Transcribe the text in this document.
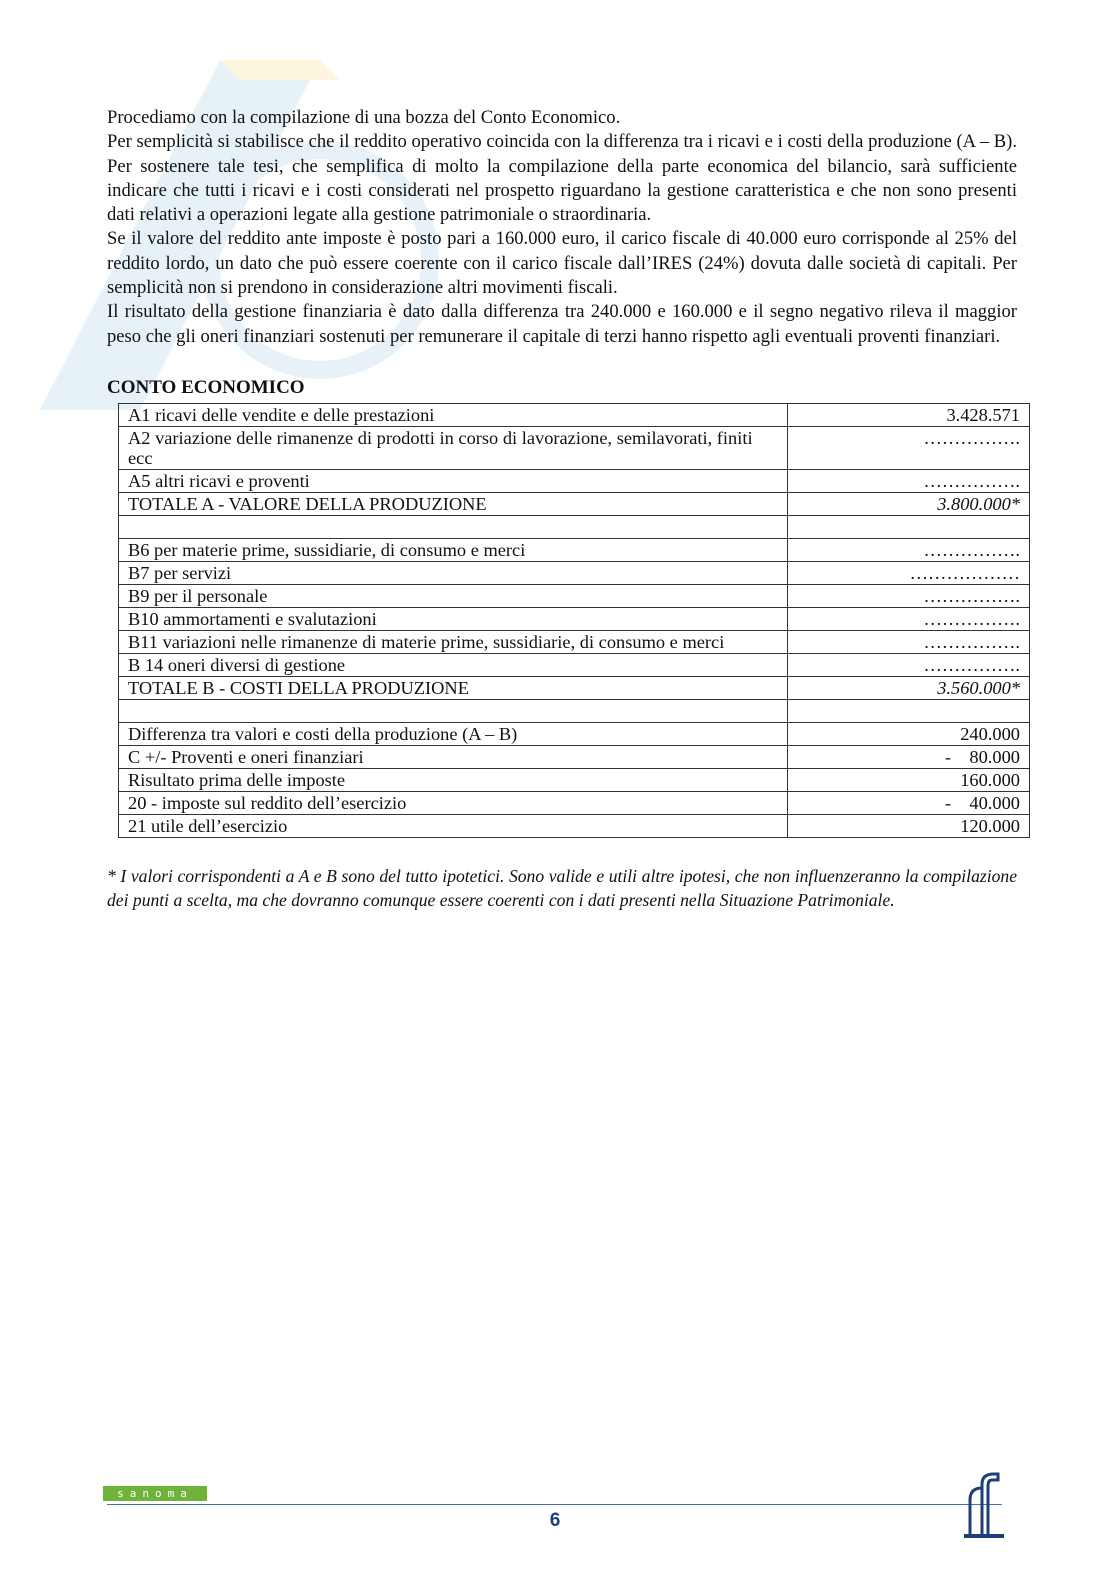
Procediamo con la compilazione di una bozza del Conto Economico.

Per semplicità si stabilisce che il reddito operativo coincida con la differenza tra i ricavi e i costi della produzione (A – B). Per sostenere tale tesi, che semplifica di molto la compilazione della parte economica del bilancio, sarà sufficiente indicare che tutti i ricavi e i costi considerati nel prospetto riguardano la gestione caratteristica e che non sono presenti dati relativi a operazioni legate alla gestione patrimoniale o straordinaria.

Se il valore del reddito ante imposte è posto pari a 160.000 euro, il carico fiscale di 40.000 euro corrisponde al 25% del reddito lordo, un dato che può essere coerente con il carico fiscale dall’IRES (24%) dovuta dalle società di capitali. Per semplicità non si prendono in considerazione altri movimenti fiscali.

Il risultato della gestione finanziaria è dato dalla differenza tra 240.000 e 160.000 e il segno negativo rileva il maggior peso che gli oneri finanziari sostenuti per remunerare il capitale di terzi hanno rispetto agli eventuali proventi finanziari.

CONTO ECONOMICO
A1 ricavi delle vendite e delle prestazioni	3.428.571
A2 variazione delle rimanenze di prodotti in corso di lavorazione, semilavorati, finiti ecc	…………….
A5 altri ricavi e proventi	…………….
TOTALE A - VALORE DELLA PRODUZIONE	3.800.000*

B6 per materie prime, sussidiarie, di consumo e merci	…………….
B7 per servizi	………………
B9 per il personale	…………….
B10 ammortamenti e svalutazioni	…………….
B11 variazioni nelle rimanenze di materie prime, sussidiarie, di consumo e merci	…………….
B 14 oneri diversi di gestione	…………….
TOTALE B - COSTI DELLA PRODUZIONE	3.560.000*

Differenza tra valori e costi della produzione (A – B)	240.000
C +/- Proventi e oneri finanziari	-    80.000
Risultato prima delle imposte	160.000
20 - imposte sul reddito dell’esercizio	-    40.000
21 utile dell’esercizio	120.000
* I valori corrispondenti a A e B sono del tutto ipotetici. Sono valide e utili altre ipotesi, che non influenzeranno la compilazione dei punti a scelta, ma che dovranno comunque essere coerenti con i dati presenti nella Situazione Patrimoniale.
sanoma
6
